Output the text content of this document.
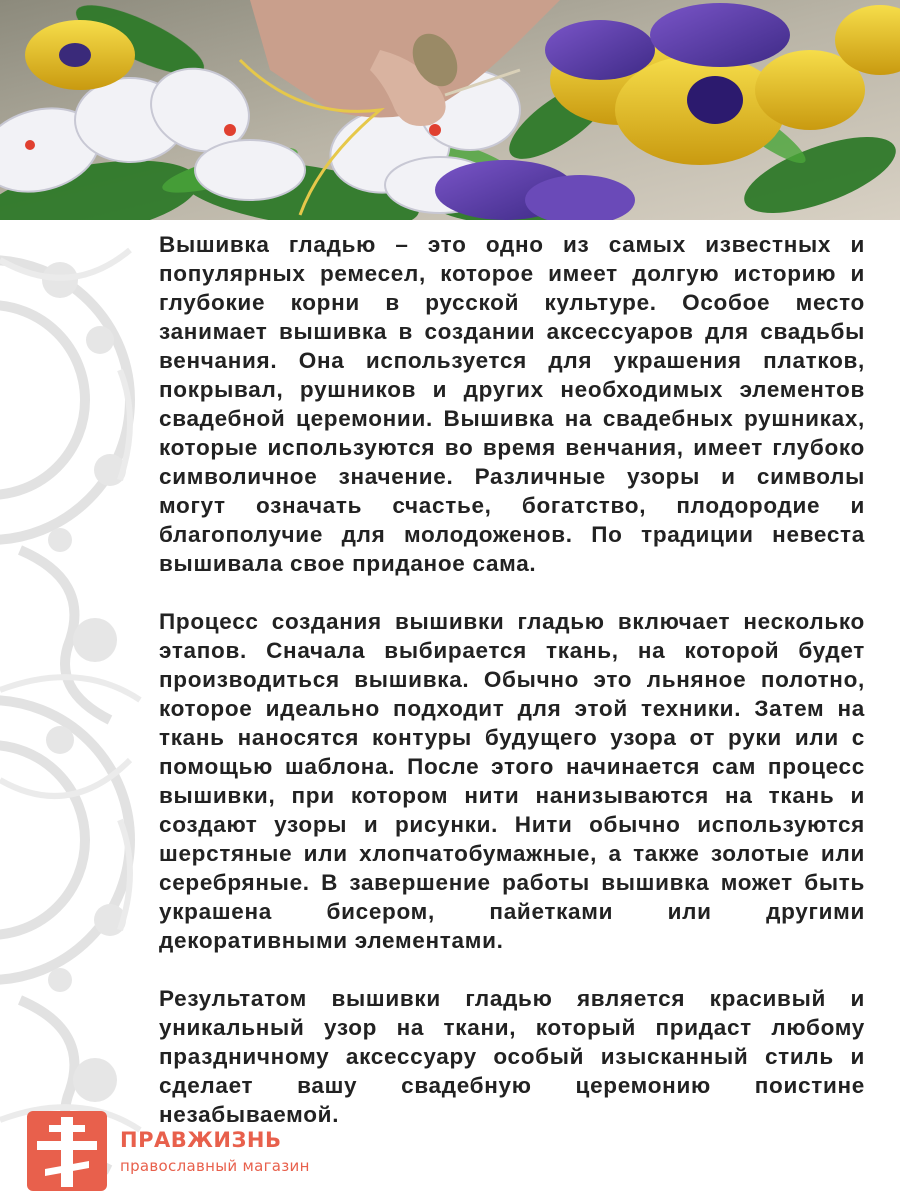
Вышивка гладью – это одно из самых известных и популярных ремесел, которое имеет долгую историю и глубокие корни в русской культуре. Особое место занимает вышивка в создании аксессуаров для свадьбы венчания. Она используется для украшения платков, покрывал, рушников и других необходимых элементов свадебной церемонии. Вышивка на свадебных рушниках, которые используются во время венчания, имеет глубоко символичное значение. Различные узоры и символы могут означать счастье, богатство, плодородие и благополучие для молодоженов. По традиции невеста вышивала свое приданое сама.

Процесс создания вышивки гладью включает несколько этапов. Сначала выбирается ткань, на которой будет производиться вышивка. Обычно это льняное полотно, которое идеально подходит для этой техники. Затем на ткань наносятся контуры будущего узора от руки или с помощью шаблона. После этого начинается сам процесс вышивки, при котором нити нанизываются на ткань и создают узоры и рисунки. Нити обычно используются шерстяные или хлопчатобумажные, а также золотые или серебряные. В завершение работы вышивка может быть украшена бисером, пайетками или другими декоративными элементами.

Результатом вышивки гладью является красивый и уникальный узор на ткани, который придаст любому праздничному аксессуару особый изысканный стиль и сделает вашу свадебную церемонию поистине незабываемой.

ПРАВЖИЗНЬ
православный магазин
